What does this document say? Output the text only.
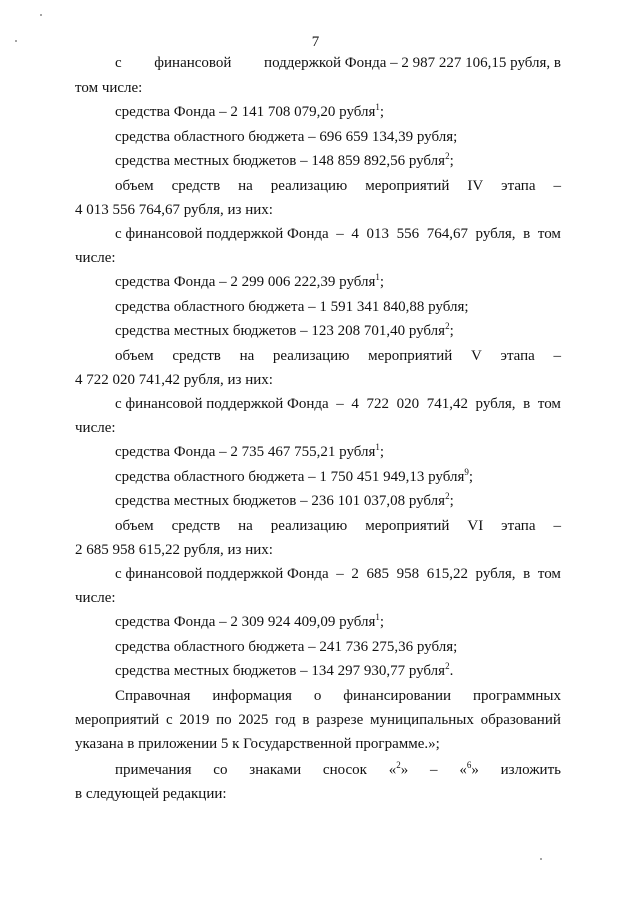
7
с финансовой поддержкой Фонда – 2 987 227 106,15 рубля, в
том числе:
средства Фонда – 2 141 708 079,20 рубля$^1$;
средства областного бюджета – 696 659 134,39 рубля;
средства местных бюджетов – 148 859 892,56 рубля$^2$;
объем средств на реализацию мероприятий IV этапа –
4 013 556 764,67 рубля, из них:
с финансовой поддержкой Фонда – 4 013 556 764,67 рубля, в том
числе:
средства Фонда – 2 299 006 222,39 рубля$^1$;
средства областного бюджета – 1 591 341 840,88 рубля;
средства местных бюджетов – 123 208 701,40 рубля$^2$;
объем средств на реализацию мероприятий V этапа –
4 722 020 741,42 рубля, из них:
с финансовой поддержкой Фонда – 4 722 020 741,42 рубля, в том
числе:
средства Фонда – 2 735 467 755,21 рубля$^1$;
средства областного бюджета – 1 750 451 949,13 рубля$^9$;
средства местных бюджетов – 236 101 037,08 рубля$^2$;
объем средств на реализацию мероприятий VI этапа –
2 685 958 615,22 рубля, из них:
с финансовой поддержкой Фонда – 2 685 958 615,22 рубля, в том
числе:
средства Фонда – 2 309 924 409,09 рубля$^1$;
средства областного бюджета – 241 736 275,36 рубля;
средства местных бюджетов – 134 297 930,77 рубля$^2$.
Справочная информация о финансировании программных
мероприятий с 2019 по 2025 год в разрезе муниципальных образований
указана в приложении 5 к Государственной программе.»;
примечания со знаками сносок «$^2$» – «$^6$» изложить
в следующей редакции:
